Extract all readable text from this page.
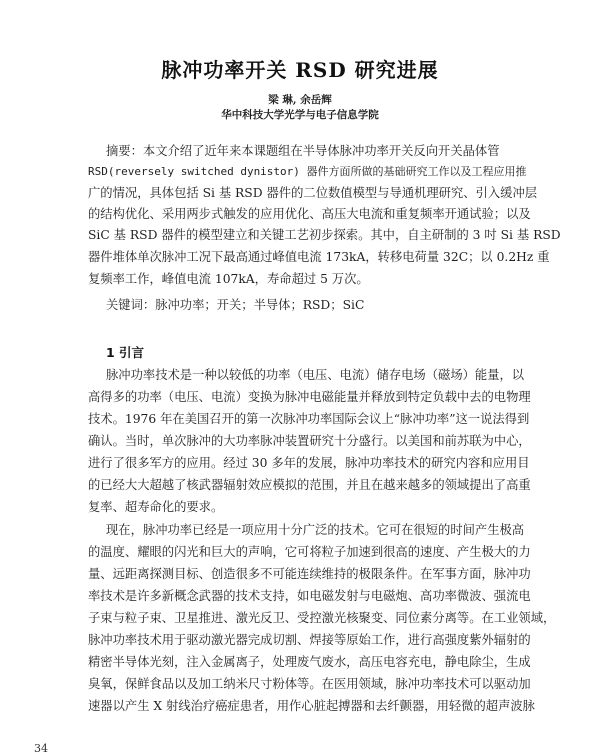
脉冲功率开关 RSD 研究进展
梁 琳, 余岳辉
华中科技大学光学与电子信息学院
摘要：本文介绍了近年来本课题组在半导体脉冲功率开关反向开关晶体管
RSD(reversely switched dynistor) 器件方面所做的基础研究工作以及工程应用推
广的情况，具体包括 Si 基 RSD 器件的二位数值模型与导通机理研究、引入缓冲层
的结构优化、采用两步式触发的应用优化、高压大电流和重复频率开通试验；以及
SiC 基 RSD 器件的模型建立和关键工艺初步探索。其中，自主研制的 3 吋 Si 基 RSD
器件堆体单次脉冲工况下最高通过峰值电流 173kA，转移电荷量 32C；以 0.2Hz 重
复频率工作，峰值电流 107kA，寿命超过 5 万次。
关键词：脉冲功率；开关；半导体；RSD；SiC
1 引言
脉冲功率技术是一种以较低的功率（电压、电流）储存电场（磁场）能量，以
高得多的功率（电压、电流）变换为脉冲电磁能量并释放到特定负载中去的电物理
技术。1976 年在美国召开的第一次脉冲功率国际会议上“脉冲功率”这一说法得到
确认。当时，单次脉冲的大功率脉冲装置研究十分盛行。以美国和前苏联为中心，
进行了很多军方的应用。经过 30 多年的发展，脉冲功率技术的研究内容和应用目
的已经大大超越了核武器辐射效应模拟的范围，并且在越来越多的领域提出了高重
复率、超寿命化的要求。
现在，脉冲功率已经是一项应用十分广泛的技术。它可在很短的时间产生极高
的温度、耀眼的闪光和巨大的声响，它可将粒子加速到很高的速度、产生极大的力
量、远距离探测目标、创造很多不可能连续维持的极限条件。在军事方面，脉冲功
率技术是许多新概念武器的技术支持，如电磁发射与电磁炮、高功率微波、强流电
子束与粒子束、卫星推进、激光反卫、受控激光核聚变、同位素分离等。在工业领域，
脉冲功率技术用于驱动激光器完成切割、焊接等原始工作，进行高强度紫外辐射的
精密半导体光刻，注入金属离子，处理废气废水，高压电容充电，静电除尘，生成
臭氧，保鲜食品以及加工纳米尺寸粉体等。在医用领域，脉冲功率技术可以驱动加
速器以产生 X 射线治疗癌症患者，用作心脏起搏器和去纤颤器，用轻微的超声波脉
34
